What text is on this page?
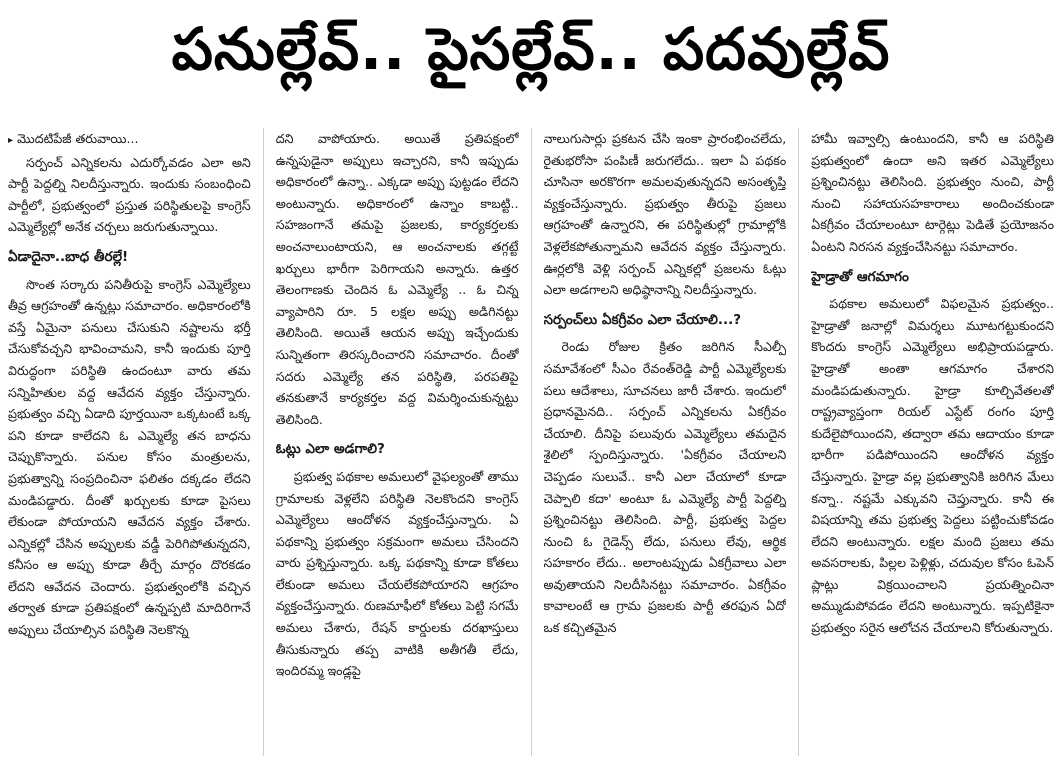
పనుల్లేవ్.. పైసల్లేవ్.. పదవుల్లేవ్

▸ మొదటిపేజీ తరువాయి...

సర్పంచ్ ఎన్నికలను ఎదుర్కోవడం ఎలా అని పార్టీ పెద్దల్ని నిలదీస్తున్నారు. ఇందుకు సంబంధించి పార్టీలో, ప్రభుత్వంలో ప్రస్తుత పరిస్థితులపై కాంగ్రెస్ ఎమ్మెల్యేల్లో అనేక చర్చలు జరుగుతున్నాయి.

ఏడాదైనా..బాధ తీరల్లే!

సొంత సర్కారు పనితీరుపై కాంగ్రెస్ ఎమ్మెల్యేలు తీవ్ర ఆగ్రహంతో ఉన్నట్లు సమాచారం. అధికారంలోకి వస్తే ఏమైనా పనులు చేసుకుని నష్టాలను భర్తీ చేసుకోవచ్చని భావించామని, కానీ ఇందుకు పూర్తి విరుద్ధంగా పరిస్థితి ఉందంటూ వారు తమ సన్నిహితుల వద్ద ఆవేదన వ్యక్తం చేస్తున్నారు. ప్రభుత్వం వచ్చి ఏడాది పూర్తయినా ఒక్కటంటే ఒక్క పని కూడా కాలేదని ఓ ఎమ్మెల్యే తన బాధను చెప్పుకొన్నారు. పనుల కోసం మంత్రులను, ప్రభుత్వాన్ని సంప్రదించినా ఫలితం దక్కడం లేదని మండిపడ్డారు. దీంతో ఖర్చులకు కూడా పైసలు లేకుండా పోయాయని ఆవేదన వ్యక్తం చేశారు. ఎన్నికల్లో చేసిన అప్పులకు వడ్డీ పెరిగిపోతున్నదని, కనీసం ఆ అప్పు కూడా తీర్చే మార్గం దొరకడం లేదని ఆవేదన చెందారు. ప్రభుత్వంలోకి వచ్చిన తర్వాత కూడా ప్రతిపక్షంలో ఉన్నప్పటి మాదిరిగానే అప్పులు చేయాల్సిన పరిస్థితి నెలకొన్న

దని వాపోయారు. అయితే ప్రతిపక్షంలో ఉన్నపుడైనా అప్పులు ఇచ్చారని, కానీ ఇప్పుడు అధికారంలో ఉన్నా.. ఎక్కడా అప్పు పుట్టడం లేదని అంటున్నారు. అధికారంలో ఉన్నాం కాబట్టి.. సహజంగానే తమపై ప్రజలకు, కార్యకర్తలకు అంచనాలుంటాయని, ఆ అంచనాలకు తగ్గట్టే ఖర్చులు భారీగా పెరిగాయని అన్నారు. ఉత్తర తెలంగాణకు చెందిన ఓ ఎమ్మెల్యే .. ఓ చిన్న వ్యాపారిని రూ. 5 లక్షల అప్పు అడిగినట్టు తెలిసింది. అయితే ఆయన అప్పు ఇచ్చేందుకు సున్నితంగా తిరస్కరించారని సమాచారం. దీంతో సదరు ఎమ్మెల్యే తన పరిస్థితి, పరపతిపై తనకుతానే కార్యకర్తల వద్ద విమర్శించుకున్నట్టు తెలిసింది.

ఓట్లు ఎలా అడగాలి?

ప్రభుత్వ పథకాల అమలులో వైఫల్యంతో తాము గ్రామాలకు వెళ్లలేని పరిస్థితి నెలకొందని కాంగ్రెస్ ఎమ్మెల్యేలు ఆందోళన వ్యక్తంచేస్తున్నారు. ఏ పథకాన్ని ప్రభుత్వం సక్రమంగా అమలు చేసిందని వారు ప్రశ్నిస్తున్నారు. ఒక్క పథకాన్ని కూడా కోతలు లేకుండా అమలు చేయలేకపోయారని ఆగ్రహం వ్యక్తంచేస్తున్నారు. రుణమాఫీలో కోతలు పెట్టి సగమే అమలు చేశారు, రేషన్ కార్డులకు దరఖాస్తులు తీసుకున్నారు తప్ప వాటికి అతీగతీ లేదు, ఇందిరమ్మ ఇండ్లపై

నాలుగుసార్లు ప్రకటన చేసి ఇంకా ప్రారంభించలేదు, రైతుభరోసా పంపిణీ జరుగలేదు.. ఇలా ఏ పథకం చూసినా అరకొరగా అమలవుతున్నదని అసంతృప్తి వ్యక్తంచేస్తున్నారు. ప్రభుత్వం తీరుపై ప్రజలు ఆగ్రహంతో ఉన్నారని, ఈ పరిస్థితుల్లో గ్రామాల్లోకి వెళ్లలేకపోతున్నామని ఆవేదన వ్యక్తం చేస్తున్నారు. ఊర్లలోకి వెళ్లి సర్పంచ్ ఎన్నికల్లో ప్రజలను ఓట్లు ఎలా అడగాలని అధిష్ఠానాన్ని నిలదీస్తున్నారు.

సర్పంచ్‌లు ఏకగ్రీవం ఎలా చేయాలి...?

రెండు రోజుల క్రితం జరిగిన సీఎల్పీ సమావేశంలో సీఎం రేవంత్‌రెడ్డి పార్టీ ఎమ్మెల్యేలకు పలు ఆదేశాలు, సూచనలు జారీ చేశారు. ఇందులో ప్రధానమైనది.. సర్పంచ్ ఎన్నికలను ఏకగ్రీవం చేయాలి. దీనిపై పలువురు ఎమ్మెల్యేలు తమదైన శైలిలో స్పందిస్తున్నారు. 'ఏకగ్రీవం చేయాలని చెప్పడం సులువే.. కానీ ఎలా చేయాలో కూడా చెప్పాలి కదా' అంటూ ఓ ఎమ్మెల్యే పార్టీ పెద్దల్ని ప్రశ్నించినట్టు తెలిసింది. పార్టీ, ప్రభుత్వ పెద్దల నుంచి ఓ గైడెన్స్ లేదు, పనులు లేవు, ఆర్థిక సహకారం లేదు.. అలాంటప్పుడు ఏకగ్రీవాలు ఎలా అవుతాయని నిలదీసినట్టు సమాచారం. ఏకగ్రీవం కావాలంటే ఆ గ్రామ ప్రజలకు పార్టీ తరఫున ఏదో ఒక కచ్చితమైన

హామీ ఇవ్వాల్సి ఉంటుందని, కానీ ఆ పరిస్థితి ప్రభుత్వంలో ఉందా అని ఇతర ఎమ్మెల్యేలు ప్రశ్నించినట్టు తెలిసింది. ప్రభుత్వం నుంచి, పార్టీ నుంచి సహాయసహకారాలు అందించకుండా ఏకగ్రీవం చేయాలంటూ టార్గెట్లు పెడితే ప్రయోజనం ఏంటని నిరసన వ్యక్తంచేసినట్టు సమాచారం.

హైడ్రాతో ఆగమాగం

పథకాల అమలులో విఫలమైన ప్రభుత్వం.. హైడ్రాతో జనాల్లో విమర్శలు మూటగట్టుకుందని కొందరు కాంగ్రెస్ ఎమ్మెల్యేలు అభిప్రాయపడ్డారు. హైడ్రాతో అంతా ఆగమాగం చేశారని మండిపడుతున్నారు. హైడ్రా కూల్చివేతలతో రాష్ట్రవ్యాప్తంగా రియల్ ఎస్టేట్ రంగం పూర్తి కుదేలైపోయిందని, తద్వారా తమ ఆదాయం కూడా భారీగా పడిపోయిందని ఆందోళన వ్యక్తం చేస్తున్నారు. హైడ్రా వల్ల ప్రభుత్వానికి జరిగిన మేలు కన్నా.. నష్టమే ఎక్కువని చెప్తున్నారు. కానీ ఈ విషయాన్ని తమ ప్రభుత్వ పెద్దలు పట్టించుకోవడం లేదని అంటున్నారు. లక్షల మంది ప్రజలు తమ అవసరాలకు, పిల్లల పెళ్లిళ్లు, చదువుల కోసం ఓపెన్ ప్లాట్లు విక్రయించాలని ప్రయత్నించినా అమ్ముడుపోవడం లేదని అంటున్నారు. ఇప్పటికైనా ప్రభుత్వం సరైన ఆలోచన చేయాలని కోరుతున్నారు.
